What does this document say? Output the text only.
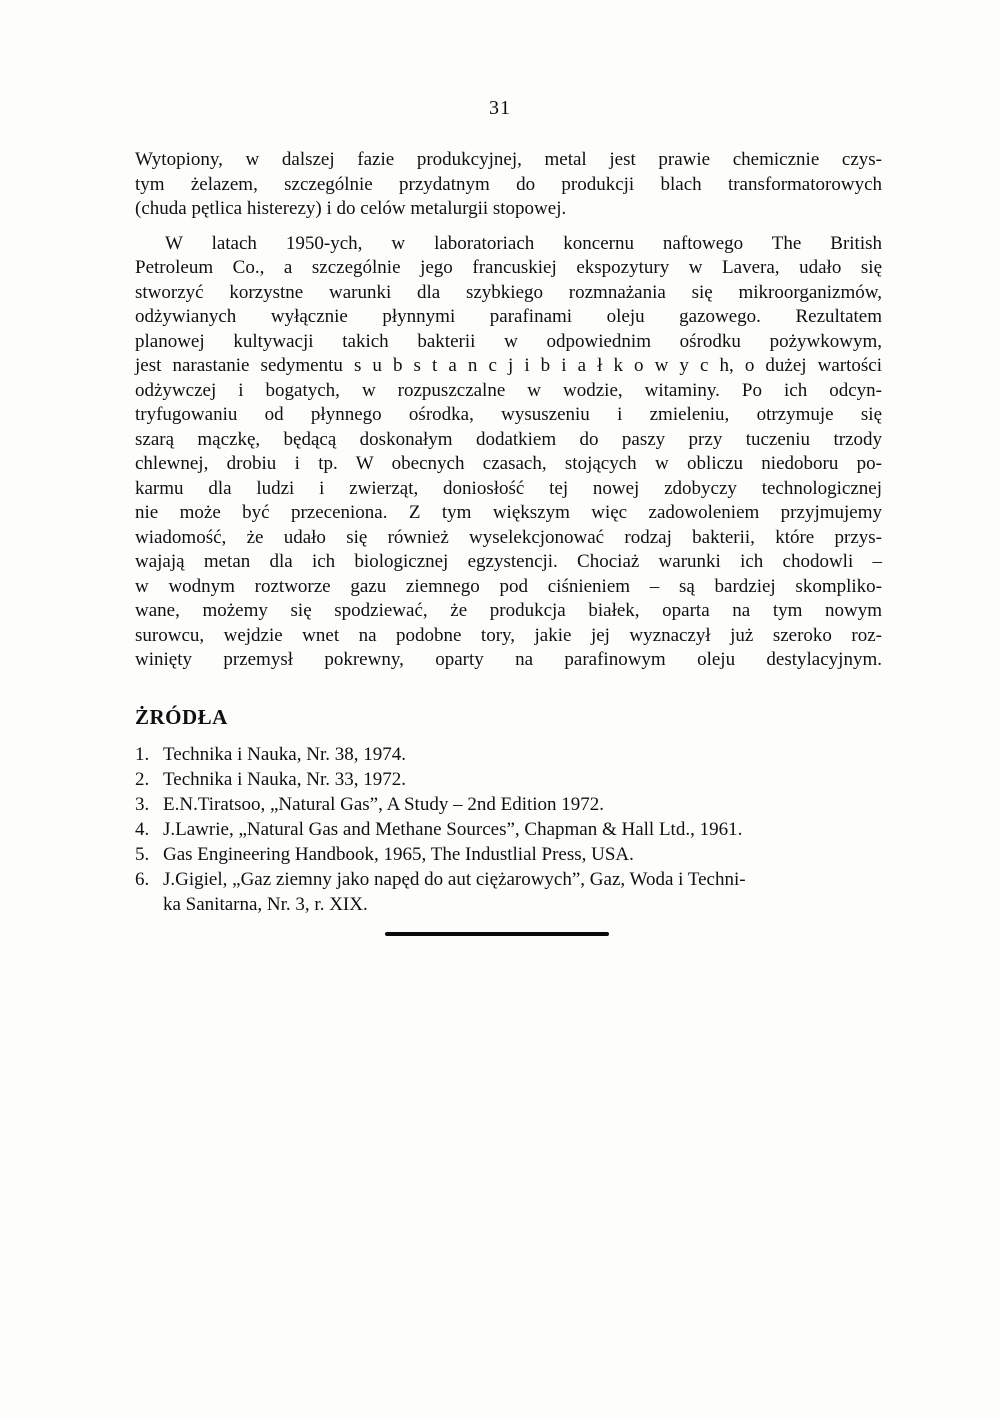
31
Wytopiony, w dalszej fazie produkcyjnej, metal jest prawie chemicznie czys-
tym żelazem, szczególnie przydatnym do produkcji blach transformatorowych
(chuda pętlica histerezy) i do celów metalurgii stopowej.
W latach 1950-ych, w laboratoriach koncernu naftowego The British
Petroleum Co., a szczególnie jego francuskiej ekspozytury w Lavera, udało się
stworzyć korzystne warunki dla szybkiego rozmnażania się mikroorganizmów,
odżywianych wyłącznie płynnymi parafinami oleju gazowego. Rezultatem
planowej kultywacji takich bakterii w odpowiednim ośrodku pożywkowym,
jest narastanie sedymentu s u b s t a n c j i b i a ł k o w y c h, o dużej wartości
odżywczej i bogatych, w rozpuszczalne w wodzie, witaminy. Po ich odcyn-
tryfugowaniu od płynnego ośrodka, wysuszeniu i zmieleniu, otrzymuje się
szarą mączkę, będącą doskonałym dodatkiem do paszy przy tuczeniu trzody
chlewnej, drobiu i tp. W obecnych czasach, stojących w obliczu niedoboru po-
karmu dla ludzi i zwierząt, doniosłość tej nowej zdobyczy technologicznej
nie może być przeceniona. Z tym większym więc zadowoleniem przyjmujemy
wiadomość, że udało się również wyselekcjonować rodzaj bakterii, które przys-
wajają metan dla ich biologicznej egzystencji. Chociaż warunki ich chodowli –
w wodnym roztworze gazu ziemnego pod ciśnieniem – są bardziej skompliko-
wane, możemy się spodziewać, że produkcja białek, oparta na tym nowym
surowcu, wejdzie wnet na podobne tory, jakie jej wyznaczył już szeroko roz-
winięty przemysł pokrewny, oparty na parafinowym oleju destylacyjnym.
ŻRÓDŁA
1. Technika i Nauka, Nr. 38, 1974.
2. Technika i Nauka, Nr. 33, 1972.
3. E.N.Tiratsoo, „Natural Gas”, A Study – 2nd Edition 1972.
4. J.Lawrie, „Natural Gas and Methane Sources”, Chapman & Hall Ltd., 1961.
5. Gas Engineering Handbook, 1965, The Industlial Press, USA.
6. J.Gigiel, „Gaz ziemny jako napęd do aut ciężarowych”, Gaz, Woda i Techni-
ka Sanitarna, Nr. 3, r. XIX.
